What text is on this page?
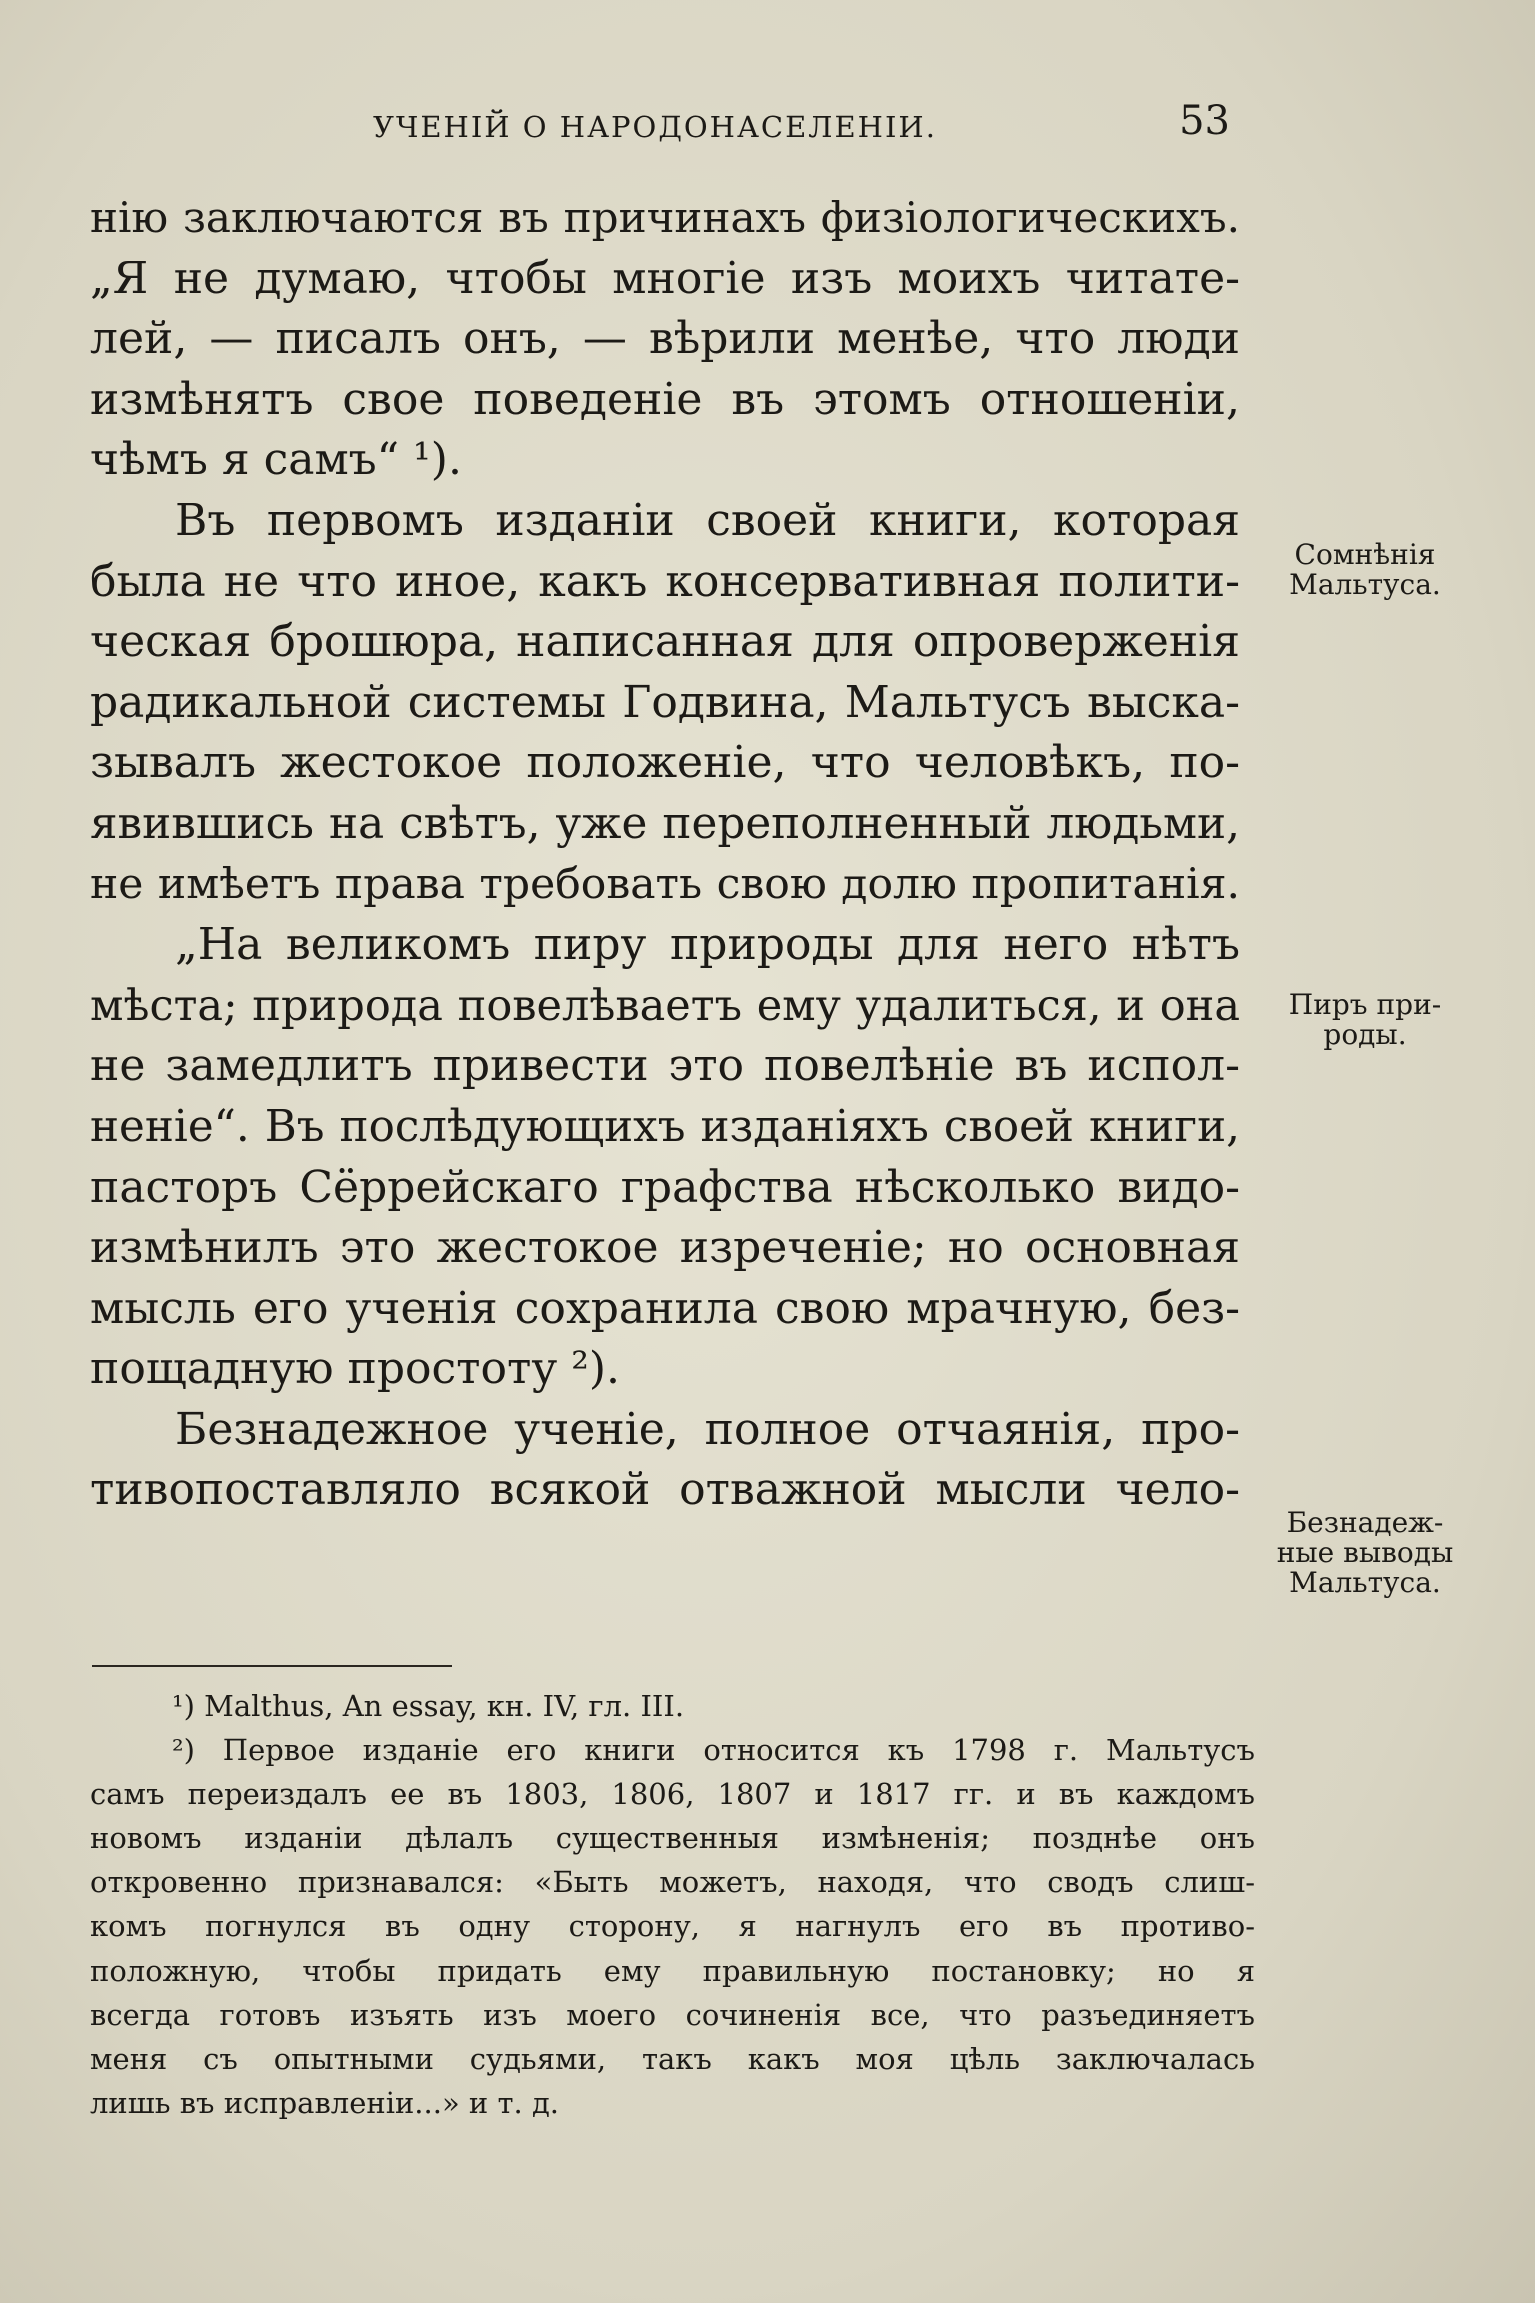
УЧЕНІЙ О НАРОДОНАСЕЛЕНІИ.	53
нію заключаются въ причинахъ физіологическихъ.
„Я не думаю, чтобы многіе изъ моихъ читате-
лей, — писалъ онъ, — вѣрили менѣе, что люди
измѣнятъ свое поведеніе въ этомъ отношеніи,
чѣмъ я самъ“ ¹).
Въ первомъ изданіи своей книги, которая
была не что иное, какъ консервативная полити-
ческая брошюра, написанная для опроверженія
радикальной системы Годвина, Мальтусъ выска-
зывалъ жестокое положеніе, что человѣкъ, по-
явившись на свѣтъ, уже переполненный людьми,
не имѣетъ права требовать свою долю пропитанія.
„На великомъ пиру природы для него нѣтъ
мѣста; природа повелѣваетъ ему удалиться, и она
не замедлитъ привести это повелѣніе въ испол-
неніе“. Въ послѣдующихъ изданіяхъ своей книги,
пасторъ Сёррейскаго графства нѣсколько видо-
измѣнилъ это жестокое изреченіе; но основная
мысль его ученія сохранила свою мрачную, без-
пощадную простоту ²).
Безнадежное ученіе, полное отчаянія, про-
тивопоставляло всякой отважной мысли чело-
Сомнѣнія
Мальтуса.
Пиръ при-
роды.
Безнадеж-
ные выводы
Мальтуса.
¹) Malthus, An essay, кн. IV, гл. III.
²) Первое изданіе его книги относится къ 1798 г. Мальтусъ
самъ переиздалъ ее въ 1803, 1806, 1807 и 1817 гг. и въ каждомъ
новомъ изданіи дѣлалъ существенныя измѣненія; позднѣе онъ
откровенно признавался: «Быть можетъ, находя, что сводъ слиш-
комъ погнулся въ одну сторону, я нагнулъ его въ противо-
положную, чтобы придать ему правильную постановку; но я
всегда готовъ изъять изъ моего сочиненія все, что разъединяетъ
меня съ опытными судьями, такъ какъ моя цѣль заключалась
лишь въ исправленіи...» и т. д.
